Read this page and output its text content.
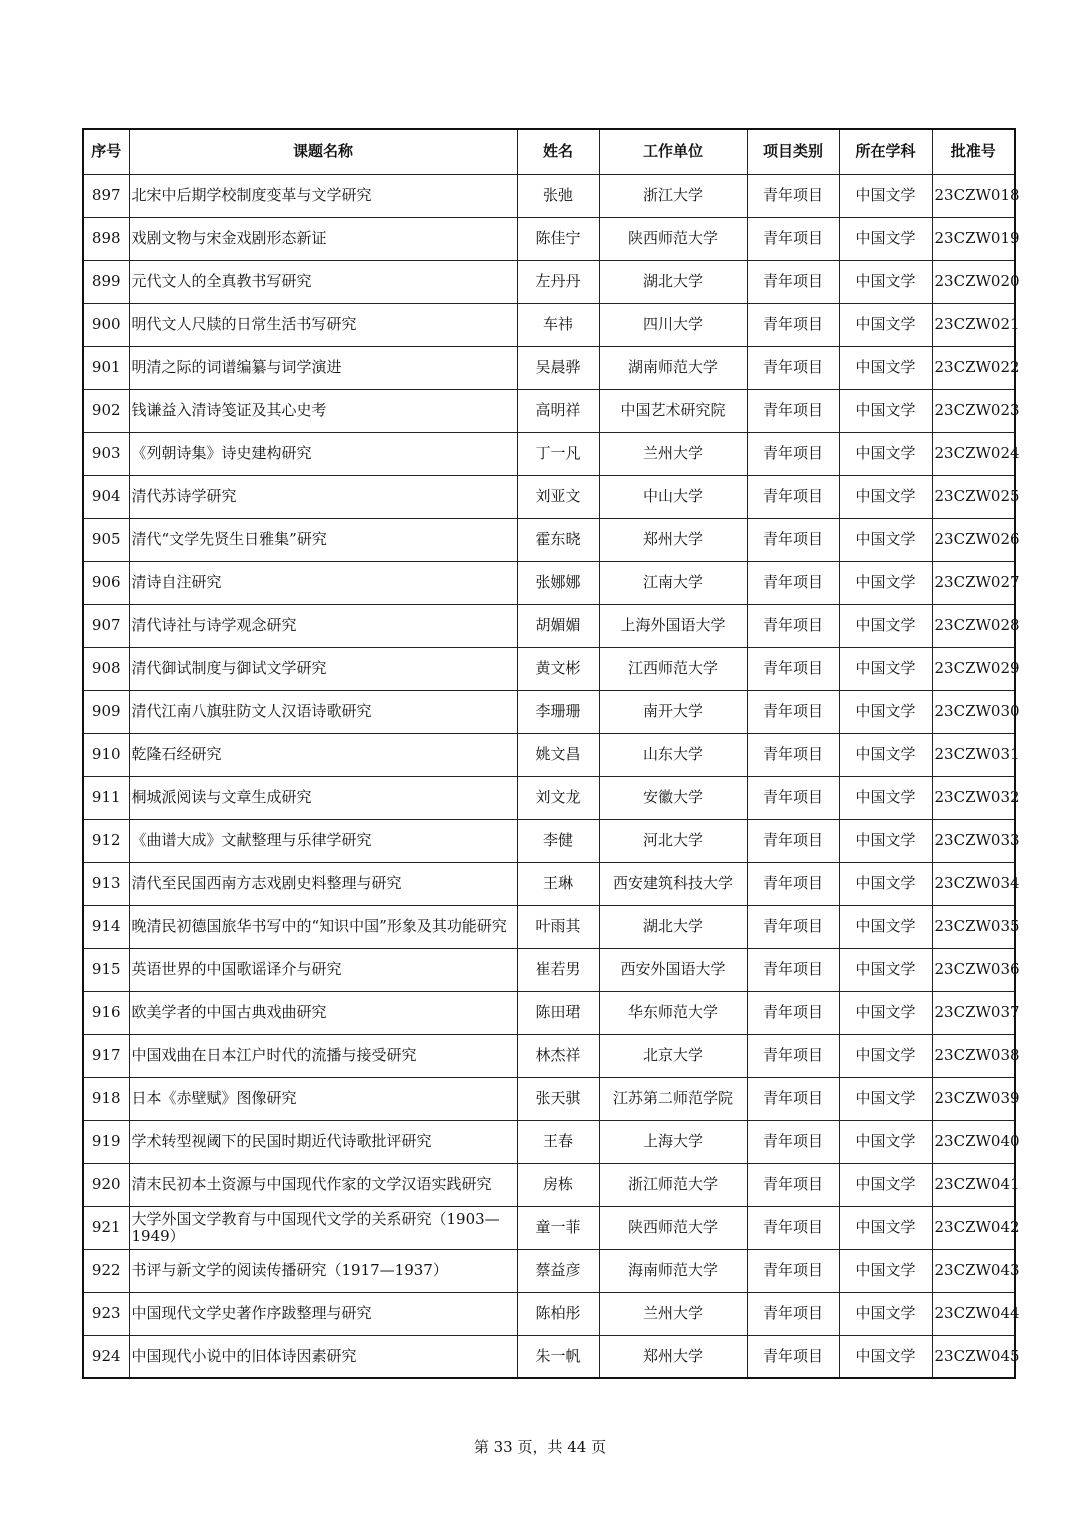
序号	课题名称	姓名	工作单位	项目类别	所在学科	批准号
897	北宋中后期学校制度变革与文学研究	张弛	浙江大学	青年项目	中国文学	23CZW018
898	戏剧文物与宋金戏剧形态新证	陈佳宁	陕西师范大学	青年项目	中国文学	23CZW019
899	元代文人的全真教书写研究	左丹丹	湖北大学	青年项目	中国文学	23CZW020
900	明代文人尺牍的日常生活书写研究	车祎	四川大学	青年项目	中国文学	23CZW021
901	明清之际的词谱编纂与词学演进	吴晨骅	湖南师范大学	青年项目	中国文学	23CZW022
902	钱谦益入清诗笺证及其心史考	高明祥	中国艺术研究院	青年项目	中国文学	23CZW023
903	《列朝诗集》诗史建构研究	丁一凡	兰州大学	青年项目	中国文学	23CZW024
904	清代苏诗学研究	刘亚文	中山大学	青年项目	中国文学	23CZW025
905	清代“文学先贤生日雅集”研究	霍东晓	郑州大学	青年项目	中国文学	23CZW026
906	清诗自注研究	张娜娜	江南大学	青年项目	中国文学	23CZW027
907	清代诗社与诗学观念研究	胡媚媚	上海外国语大学	青年项目	中国文学	23CZW028
908	清代御试制度与御试文学研究	黄文彬	江西师范大学	青年项目	中国文学	23CZW029
909	清代江南八旗驻防文人汉语诗歌研究	李珊珊	南开大学	青年项目	中国文学	23CZW030
910	乾隆石经研究	姚文昌	山东大学	青年项目	中国文学	23CZW031
911	桐城派阅读与文章生成研究	刘文龙	安徽大学	青年项目	中国文学	23CZW032
912	《曲谱大成》文献整理与乐律学研究	李健	河北大学	青年项目	中国文学	23CZW033
913	清代至民国西南方志戏剧史料整理与研究	王琳	西安建筑科技大学	青年项目	中国文学	23CZW034
914	晚清民初德国旅华书写中的“知识中国”形象及其功能研究	叶雨其	湖北大学	青年项目	中国文学	23CZW035
915	英语世界的中国歌谣译介与研究	崔若男	西安外国语大学	青年项目	中国文学	23CZW036
916	欧美学者的中国古典戏曲研究	陈田珺	华东师范大学	青年项目	中国文学	23CZW037
917	中国戏曲在日本江户时代的流播与接受研究	林杰祥	北京大学	青年项目	中国文学	23CZW038
918	日本《赤壁赋》图像研究	张天骐	江苏第二师范学院	青年项目	中国文学	23CZW039
919	学术转型视阈下的民国时期近代诗歌批评研究	王春	上海大学	青年项目	中国文学	23CZW040
920	清末民初本土资源与中国现代作家的文学汉语实践研究	房栋	浙江师范大学	青年项目	中国文学	23CZW041
921	大学外国文学教育与中国现代文学的关系研究（1903—1949）	童一菲	陕西师范大学	青年项目	中国文学	23CZW042
922	书评与新文学的阅读传播研究（1917—1937）	蔡益彦	海南师范大学	青年项目	中国文学	23CZW043
923	中国现代文学史著作序跋整理与研究	陈柏彤	兰州大学	青年项目	中国文学	23CZW044
924	中国现代小说中的旧体诗因素研究	朱一帆	郑州大学	青年项目	中国文学	23CZW045
第 33 页，共 44 页
